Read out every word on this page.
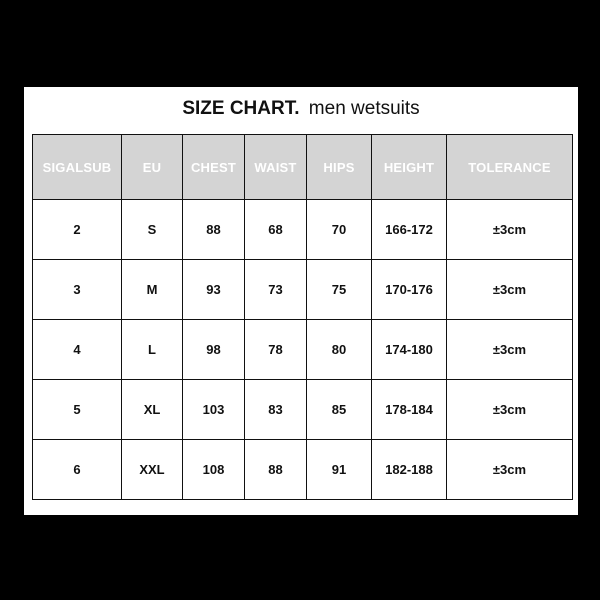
SIZE CHART. men wetsuits
SIGALSUB	EU	CHEST	WAIST	HIPS	HEIGHT	TOLERANCE
2	S	88	68	70	166-172	±3cm
3	M	93	73	75	170-176	±3cm
4	L	98	78	80	174-180	±3cm
5	XL	103	83	85	178-184	±3cm
6	XXL	108	88	91	182-188	±3cm
